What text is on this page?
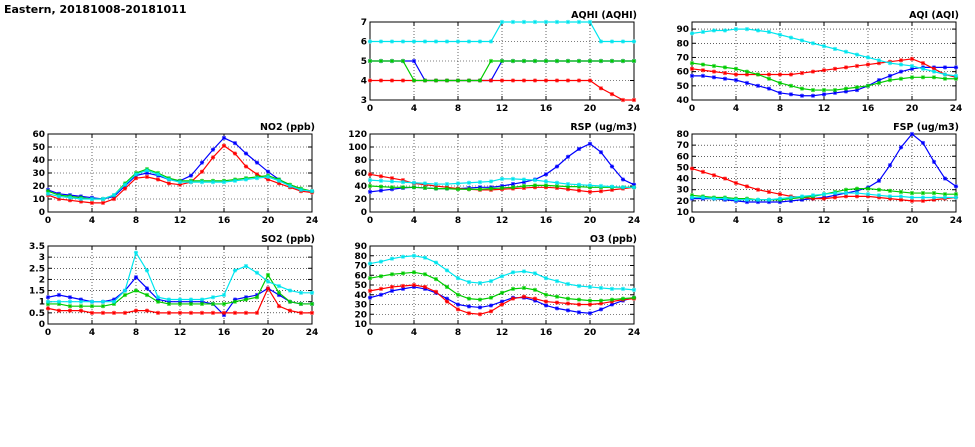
Eastern, 20181008-20181011	AQHI (AQHI)
3
4
5
6
7
0	4	8	12	16	20	24
AQI (AQI)
40
50
60
70
80
90
0	4	8	12	16	20	24
NO2 (ppb)
0
10
20
30
40
50
60
0	4	8	12	16	20	24
RSP (ug/m3)
0
20
40
60
80
100
120
0	4	8	12	16	20	24
FSP (ug/m3)
10
20
30
40
50
60
70
80
0	4	8	12	16	20	24
SO2 (ppb)
0
0.5
1
1.5
2
2.5
3
3.5
0	4	8	12	16	20	24
O3 (ppb)
10
20
30
40
50
60
70
80
90
0	4	8	12	16	20	24
